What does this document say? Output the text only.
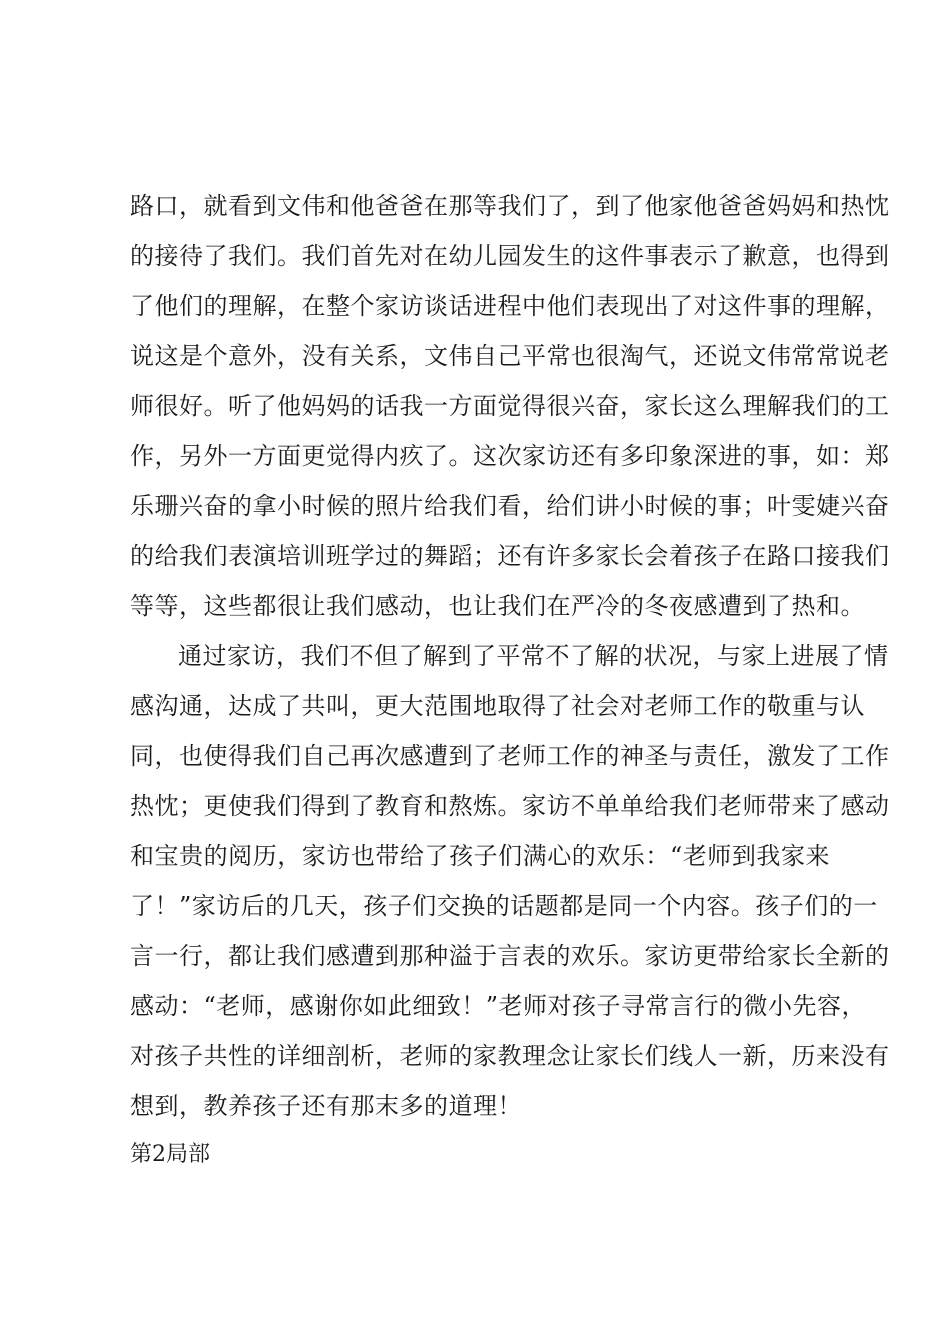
路口，就看到文伟和他爸爸在那等我们了，到了他家他爸爸妈妈和热忱
的接待了我们。我们首先对在幼儿园发生的这件事表示了歉意，也得到
了他们的理解，在整个家访谈话进程中他们表现出了对这件事的理解，
说这是个意外，没有关系，文伟自己平常也很淘气，还说文伟常常说老
师很好。听了他妈妈的话我一方面觉得很兴奋，家长这么理解我们的工
作，另外一方面更觉得内疚了。这次家访还有多印象深进的事，如：郑
乐珊兴奋的拿小时候的照片给我们看，给们讲小时候的事；叶雯婕兴奋
的给我们表演培训班学过的舞蹈；还有许多家长会着孩子在路口接我们
等等，这些都很让我们感动，也让我们在严冷的冬夜感遭到了热和。
通过家访，我们不但了解到了平常不了解的状况，与家上进展了情
感沟通，达成了共叫，更大范围地取得了社会对老师工作的敬重与认
同，也使得我们自己再次感遭到了老师工作的神圣与责任，激发了工作
热忱；更使我们得到了教育和熬炼。家访不单单给我们老师带来了感动
和宝贵的阅历，家访也带给了孩子们满心的欢乐：“老师到我家来
了！”家访后的几天，孩子们交换的话题都是同一个内容。孩子们的一
言一行，都让我们感遭到那种溢于言表的欢乐。家访更带给家长全新的
感动：“老师，感谢你如此细致！”老师对孩子寻常言行的微小先容，
对孩子共性的详细剖析，老师的家教理念让家长们线人一新，历来没有
想到，教养孩子还有那末多的道理！
第2局部
